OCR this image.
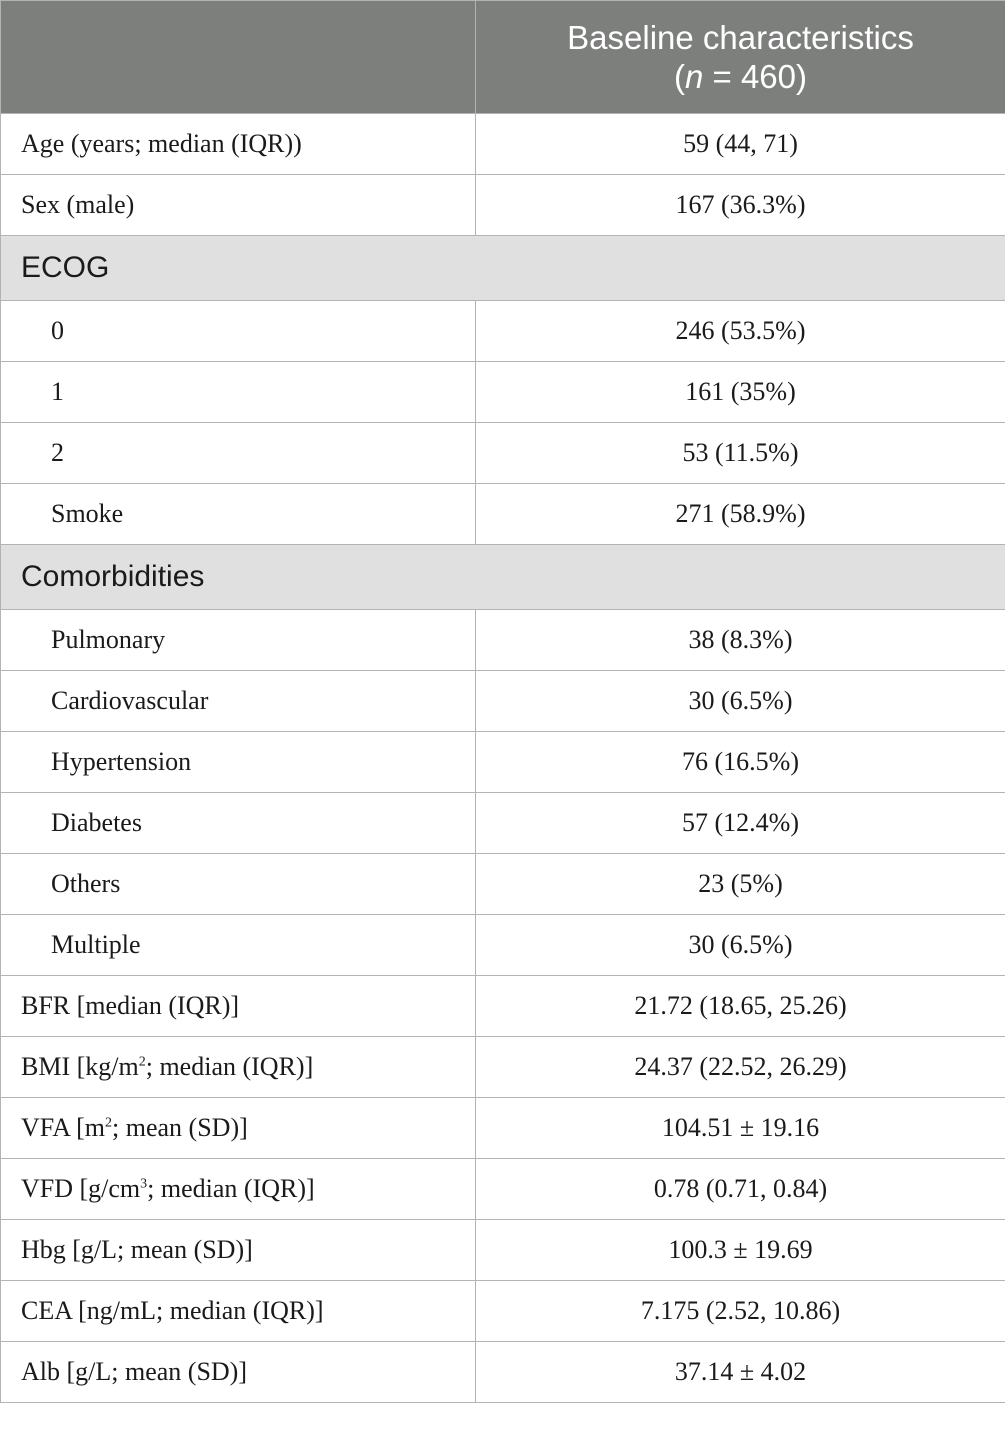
	Baseline characteristics
(n = 460)
Age (years; median (IQR))	59 (44, 71)
Sex (male)	167 (36.3%)
ECOG	
0	246 (53.5%)
1	161 (35%)
2	53 (11.5%)
Smoke	271 (58.9%)
Comorbidities	
Pulmonary	38 (8.3%)
Cardiovascular	30 (6.5%)
Hypertension	76 (16.5%)
Diabetes	57 (12.4%)
Others	23 (5%)
Multiple	30 (6.5%)
BFR [median (IQR)]	21.72 (18.65, 25.26)
BMI [$kg/m^2$; median (IQR)]	24.37 (22.52, 26.29)
VFA [$m^2$; mean (SD)]	104.51 ± 19.16
VFD [$g/cm^3$; median (IQR)]	0.78 (0.71, 0.84)
Hbg [g/L; mean (SD)]	100.3 ± 19.69
CEA [ng/mL; median (IQR)]	7.175 (2.52, 10.86)
Alb [g/L; mean (SD)]	37.14 ± 4.02
